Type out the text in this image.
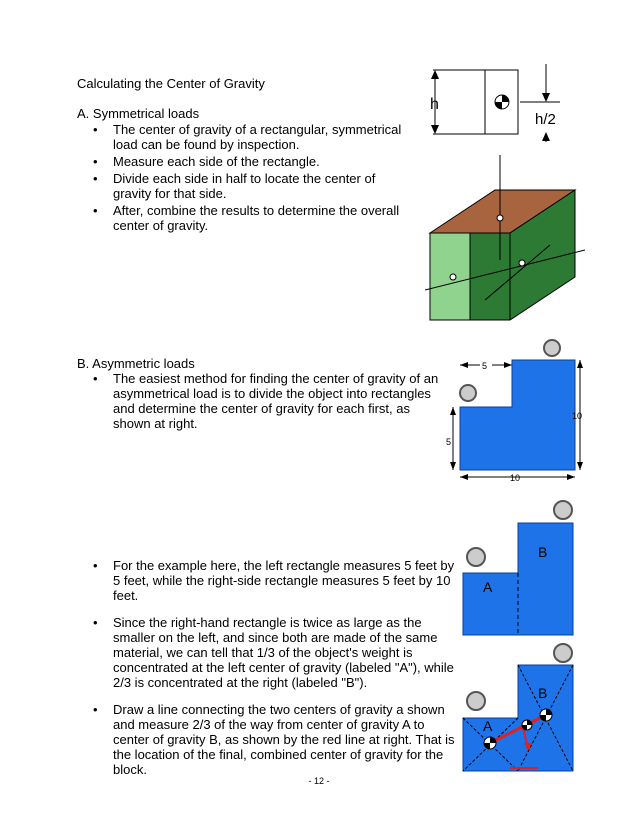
Calculating the Center of Gravity
A. Symmetrical loads
• The center of gravity of a rectangular, symmetrical load can be found by inspection.
• Measure each side of the rectangle.
• Divide each side in half to locate the center of gravity for that side.
• After, combine the results to determine the overall center of gravity.
B. Asymmetric loads
• The easiest method for finding the center of gravity of an asymmetrical load is to divide the object into rectangles and determine the center of gravity for each first, as shown at right.
• For the example here, the left rectangle measures 5 feet by 5 feet, while the right-side rectangle measures 5 feet by 10 feet.
• Since the right-hand rectangle is twice as large as the smaller on the left, and since both are made of the same material, we can tell that 1/3 of the object's weight is concentrated at the left center of gravity (labeled "A"), while 2/3 is concentrated at the right (labeled "B").
• Draw a line connecting the two centers of gravity a shown and measure 2/3 of the way from center of gravity A to center of gravity B, as shown by the red line at right. That is the location of the final, combined center of gravity for the block.
h
h/2
5
10
5
10
B
A
B
A
- 12 -
